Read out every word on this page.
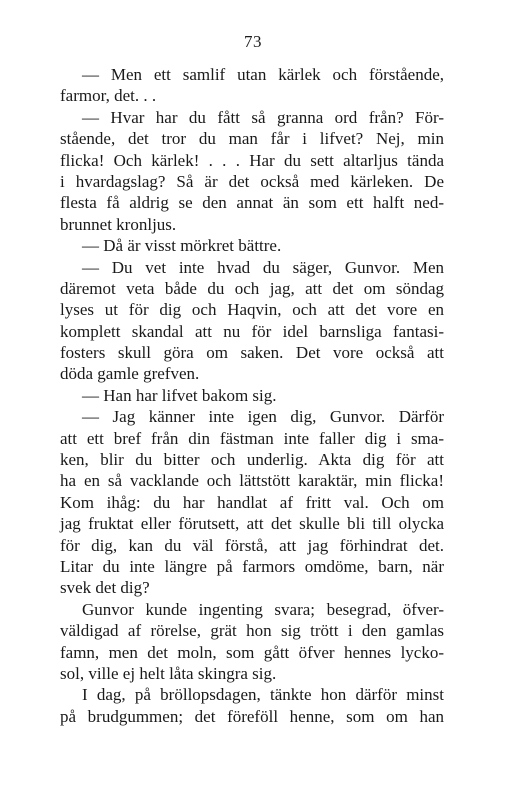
73
— Men ett samlif utan kärlek och förstående,
farmor, det. . .
— Hvar har du fått så granna ord från? För-
stående, det tror du man får i lifvet? Nej, min
flicka! Och kärlek! . . . Har du sett altarljus tända
i hvardagslag? Så är det också med kärleken. De
flesta få aldrig se den annat än som ett halft ned-
brunnet kronljus.
— Då är visst mörkret bättre.
— Du vet inte hvad du säger, Gunvor. Men
däremot veta både du och jag, att det om söndag
lyses ut för dig och Haqvin, och att det vore en
komplett skandal att nu för idel barnsliga fantasi-
fosters skull göra om saken. Det vore också att
döda gamle grefven.
— Han har lifvet bakom sig.
— Jag känner inte igen dig, Gunvor. Därför
att ett bref från din fästman inte faller dig i sma-
ken, blir du bitter och underlig. Akta dig för att
ha en så vacklande och lättstött karaktär, min flicka!
Kom ihåg: du har handlat af fritt val. Och om
jag fruktat eller förutsett, att det skulle bli till olycka
för dig, kan du väl förstå, att jag förhindrat det.
Litar du inte längre på farmors omdöme, barn, när
svek det dig?
Gunvor kunde ingenting svara; besegrad, öfver-
väldigad af rörelse, grät hon sig trött i den gamlas
famn, men det moln, som gått öfver hennes lycko-
sol, ville ej helt låta skingra sig.
I dag, på bröllopsdagen, tänkte hon därför minst
på brudgummen; det föreföll henne, som om han
